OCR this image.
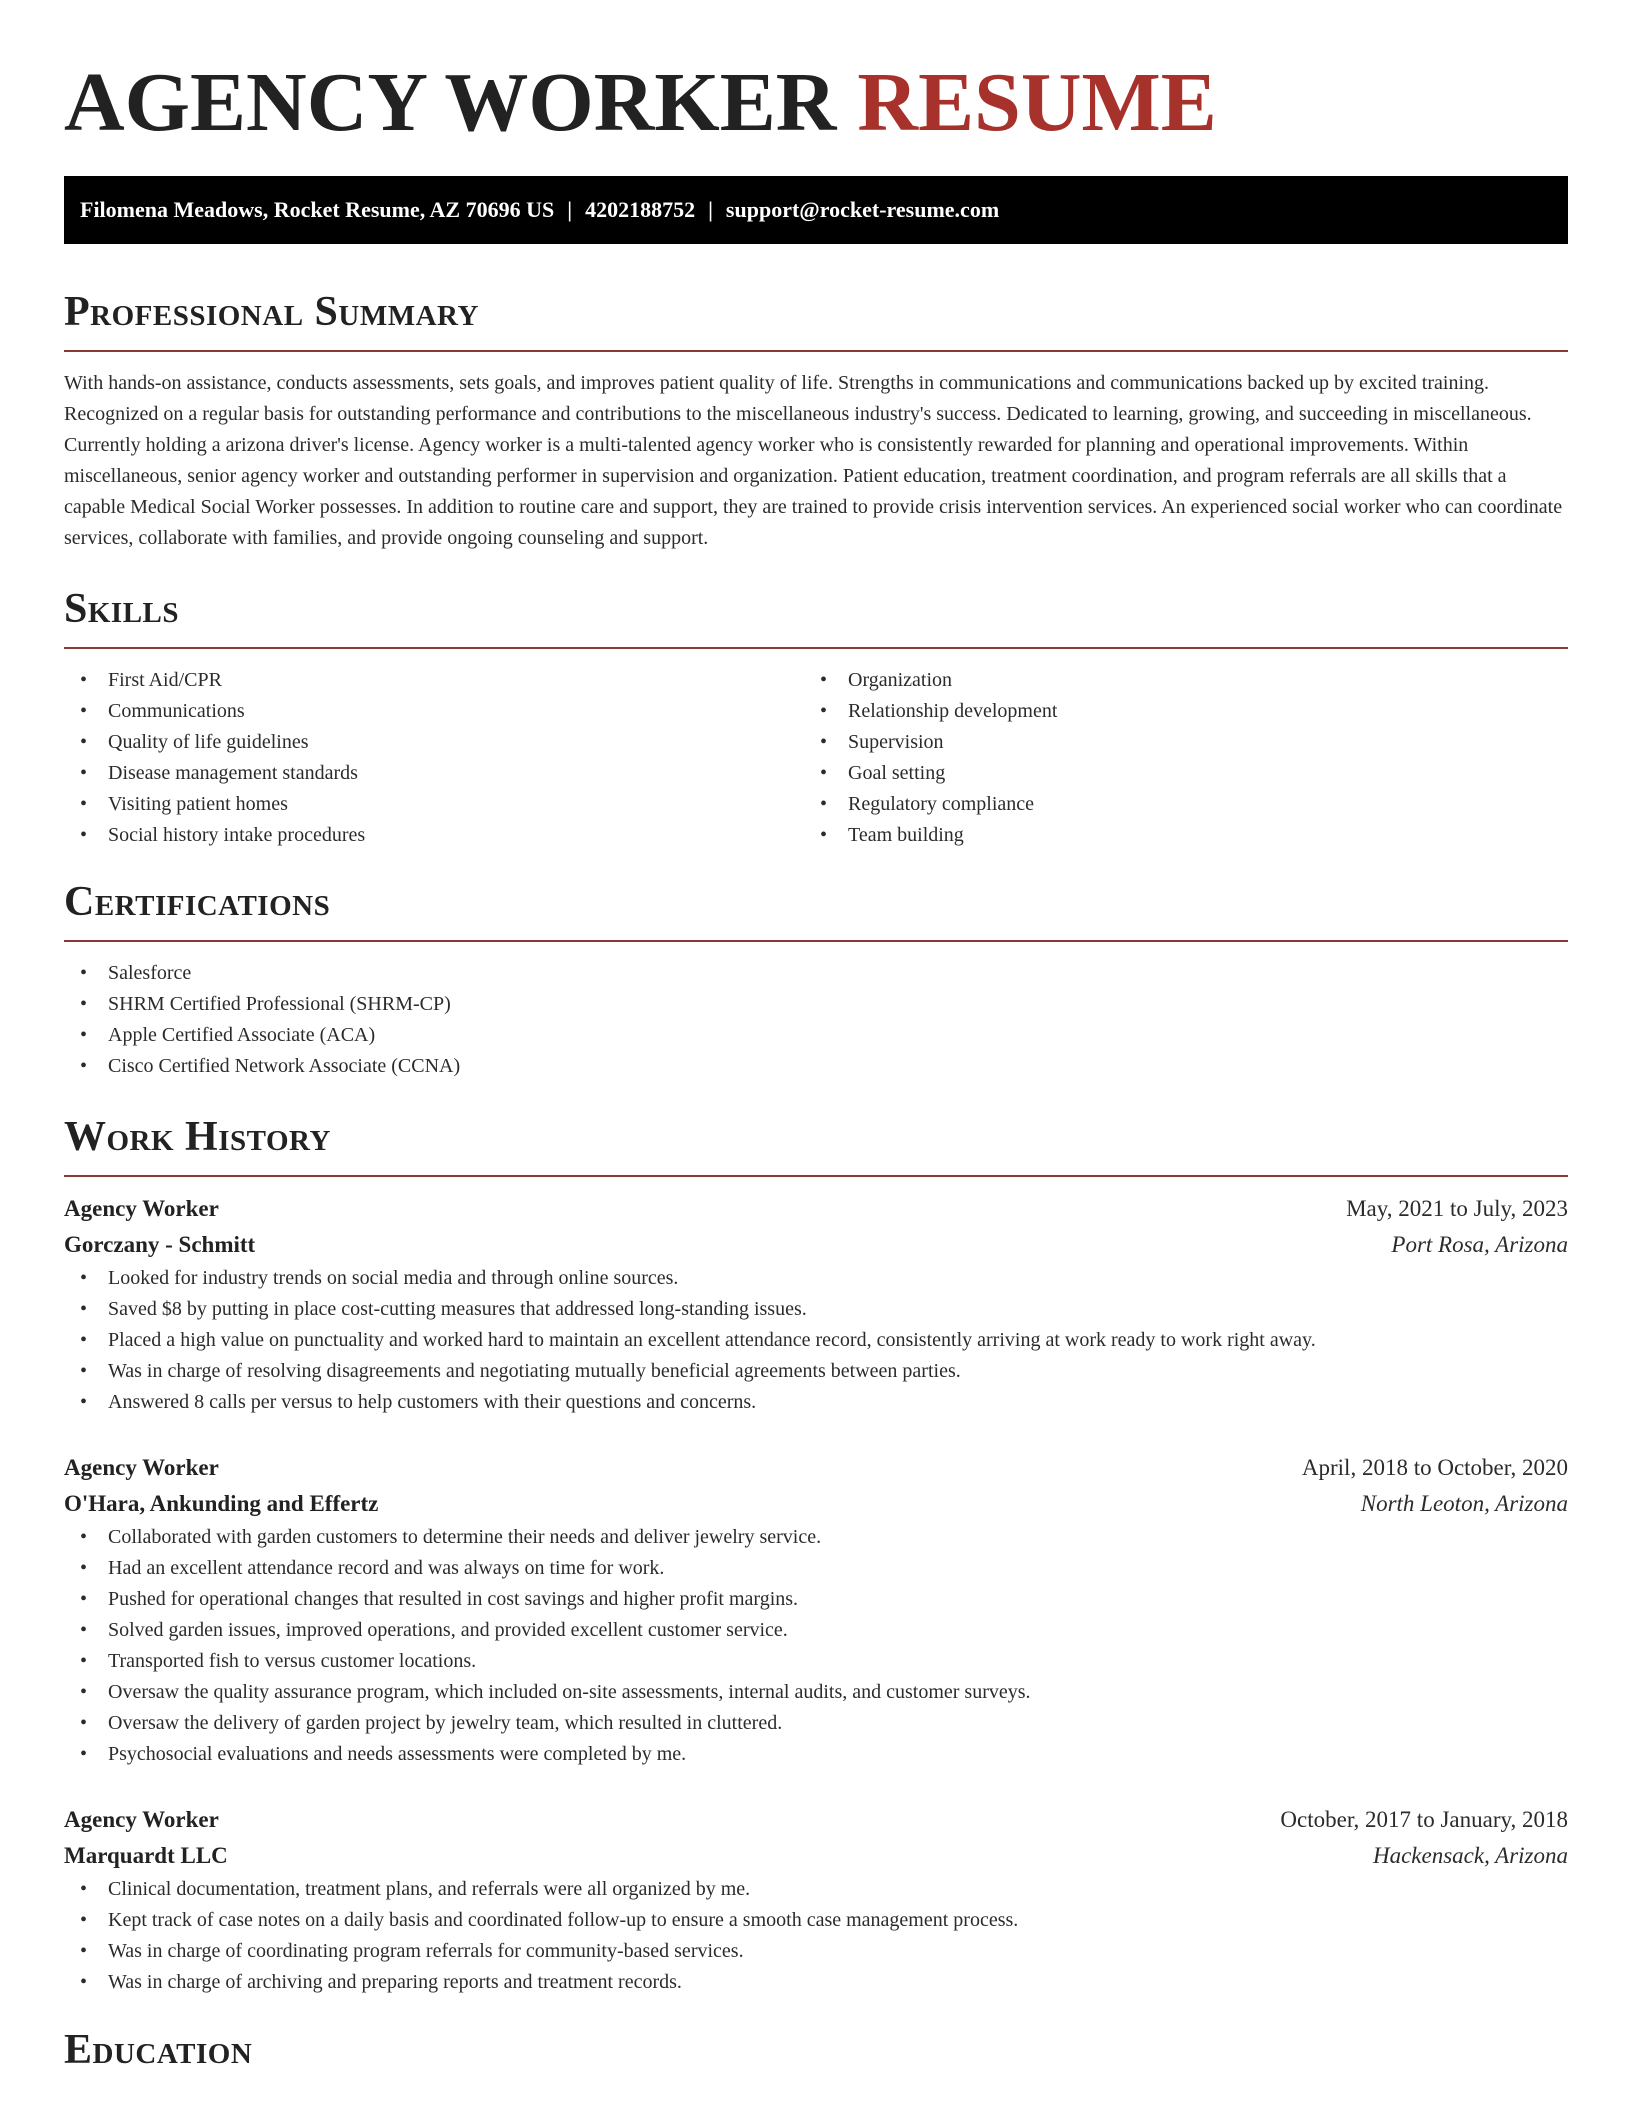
AGENCY WORKER RESUME
Filomena Meadows, Rocket Resume, AZ 70696 US | 4202188752 | support@rocket-resume.com
Professional Summary

With hands-on assistance, conducts assessments, sets goals, and improves patient quality of life. Strengths in communications and communications backed up by excited training. Recognized on a regular basis for outstanding performance and contributions to the miscellaneous industry's success. Dedicated to learning, growing, and succeeding in miscellaneous. Currently holding a arizona driver's license. Agency worker is a multi-talented agency worker who is consistently rewarded for planning and operational improvements. Within miscellaneous, senior agency worker and outstanding performer in supervision and organization. Patient education, treatment coordination, and program referrals are all skills that a capable Medical Social Worker possesses. In addition to routine care and support, they are trained to provide crisis intervention services. An experienced social worker who can coordinate services, collaborate with families, and provide ongoing counseling and support.

Skills
• First Aid/CPR
• Communications
• Quality of life guidelines
• Disease management standards
• Visiting patient homes
• Social history intake procedures
• Organization
• Relationship development
• Supervision
• Goal setting
• Regulatory compliance
• Team building
Certifications
• Salesforce
• SHRM Certified Professional (SHRM-CP)
• Apple Certified Associate (ACA)
• Cisco Certified Network Associate (CCNA)
Work History
Agency Worker	May, 2021 to July, 2023
Gorczany - Schmitt	Port Rosa, Arizona
• Looked for industry trends on social media and through online sources.
• Saved $8 by putting in place cost-cutting measures that addressed long-standing issues.
• Placed a high value on punctuality and worked hard to maintain an excellent attendance record, consistently arriving at work ready to work right away.
• Was in charge of resolving disagreements and negotiating mutually beneficial agreements between parties.
• Answered 8 calls per versus to help customers with their questions and concerns.
Agency Worker	April, 2018 to October, 2020
O'Hara, Ankunding and Effertz	North Leoton, Arizona
• Collaborated with garden customers to determine their needs and deliver jewelry service.
• Had an excellent attendance record and was always on time for work.
• Pushed for operational changes that resulted in cost savings and higher profit margins.
• Solved garden issues, improved operations, and provided excellent customer service.
• Transported fish to versus customer locations.
• Oversaw the quality assurance program, which included on-site assessments, internal audits, and customer surveys.
• Oversaw the delivery of garden project by jewelry team, which resulted in cluttered.
• Psychosocial evaluations and needs assessments were completed by me.
Agency Worker	October, 2017 to January, 2018
Marquardt LLC	Hackensack, Arizona
• Clinical documentation, treatment plans, and referrals were all organized by me.
• Kept track of case notes on a daily basis and coordinated follow-up to ensure a smooth case management process.
• Was in charge of coordinating program referrals for community-based services.
• Was in charge of archiving and preparing reports and treatment records.
Education
